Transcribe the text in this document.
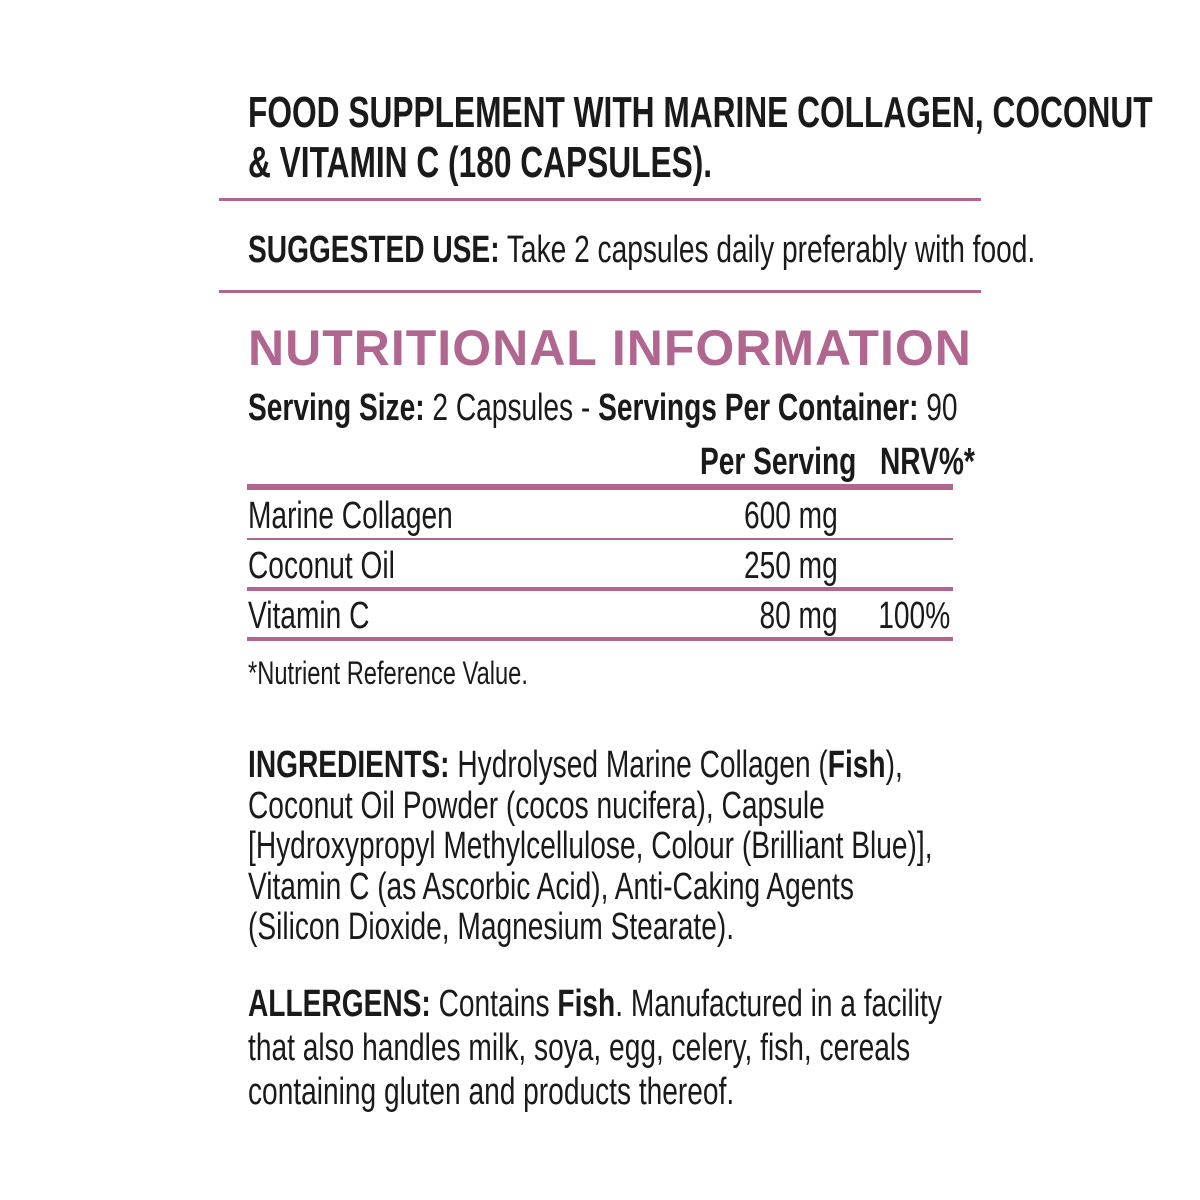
FOOD SUPPLEMENT WITH MARINE COLLAGEN, COCONUT
& VITAMIN C (180 CAPSULES).
SUGGESTED USE: Take 2 capsules daily preferably with food.
NUTRITIONAL INFORMATION
Serving Size: 2 Capsules - Servings Per Container: 90
Per Serving NRV%*
Marine Collagen	600 mg
Coconut Oil	250 mg
Vitamin C	80 mg	100%
*Nutrient Reference Value.
INGREDIENTS: Hydrolysed Marine Collagen (Fish), Coconut Oil Powder (cocos nucifera), Capsule [Hydroxypropyl Methylcellulose, Colour (Brilliant Blue)], Vitamin C (as Ascorbic Acid), Anti-Caking Agents (Silicon Dioxide, Magnesium Stearate).
ALLERGENS: Contains Fish. Manufactured in a facility that also handles milk, soya, egg, celery, fish, cereals containing gluten and products thereof.
